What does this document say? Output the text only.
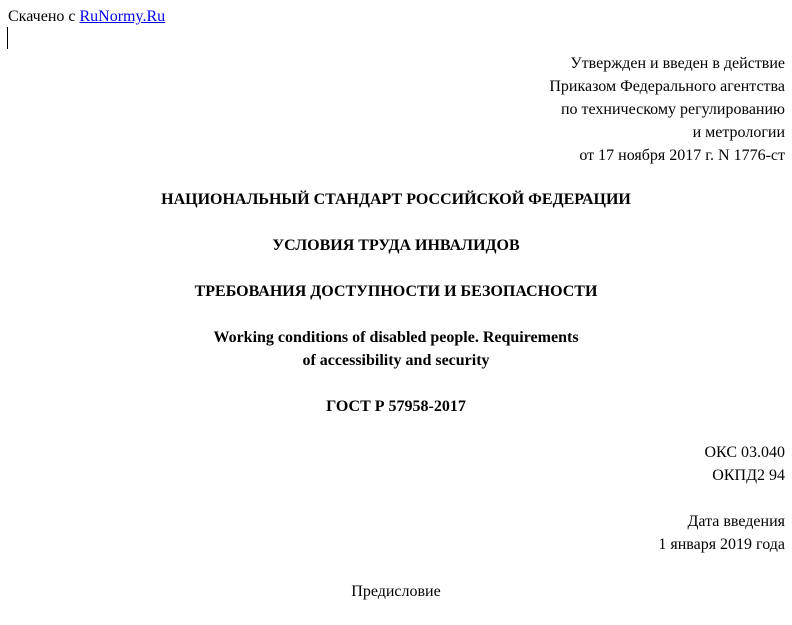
Скачено с RuNormy.Ru
Утвержден и введен в действие
Приказом Федерального агентства
по техническому регулированию
и метрологии
от 17 ноября 2017 г. N 1776-ст
НАЦИОНАЛЬНЫЙ СТАНДАРТ РОССИЙСКОЙ ФЕДЕРАЦИИ
УСЛОВИЯ ТРУДА ИНВАЛИДОВ
ТРЕБОВАНИЯ ДОСТУПНОСТИ И БЕЗОПАСНОСТИ
Working conditions of disabled people. Requirements
of accessibility and security
ГОСТ Р 57958-2017
ОКС 03.040
ОКПД2 94
Дата введения
1 января 2019 года
Предисловие
